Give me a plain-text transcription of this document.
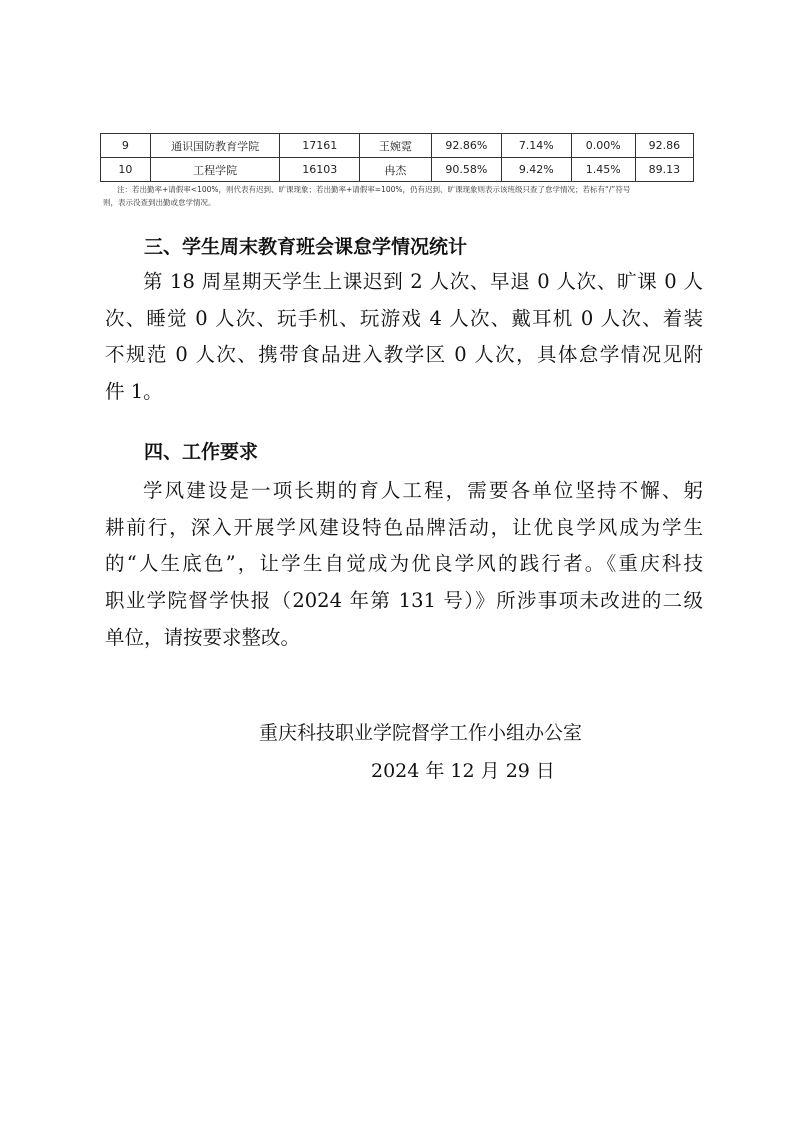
9	通识国防教育学院	17161	王婉霓	92.86%	7.14%	0.00%	92.86
10	工程学院	16103	冉杰	90.58%	9.42%	1.45%	89.13
注：若出勤率+请假率<100%，则代表有迟到、旷课现象；若出勤率+请假率=100%，仍有迟到、旷课现象则表示该班级只查了怠学情况；若标有“/”符号
则，表示没查到出勤或怠学情况。
三、学生周末教育班会课怠学情况统计
第 18 周星期天学生上课迟到 2 人次、早退 0 人次、旷课 0 人
次、睡觉 0 人次、玩手机、玩游戏 4 人次、戴耳机 0 人次、着装
不规范 0 人次、携带食品进入教学区 0 人次，具体怠学情况见附
件 1。
四、工作要求
学风建设是一项长期的育人工程，需要各单位坚持不懈、躬
耕前行，深入开展学风建设特色品牌活动，让优良学风成为学生
的“人生底色”，让学生自觉成为优良学风的践行者。《重庆科技
职业学院督学快报（2024 年第 131 号）》所涉事项未改进的二级
单位，请按要求整改。
重庆科技职业学院督学工作小组办公室
2024 年 12 月 29 日
